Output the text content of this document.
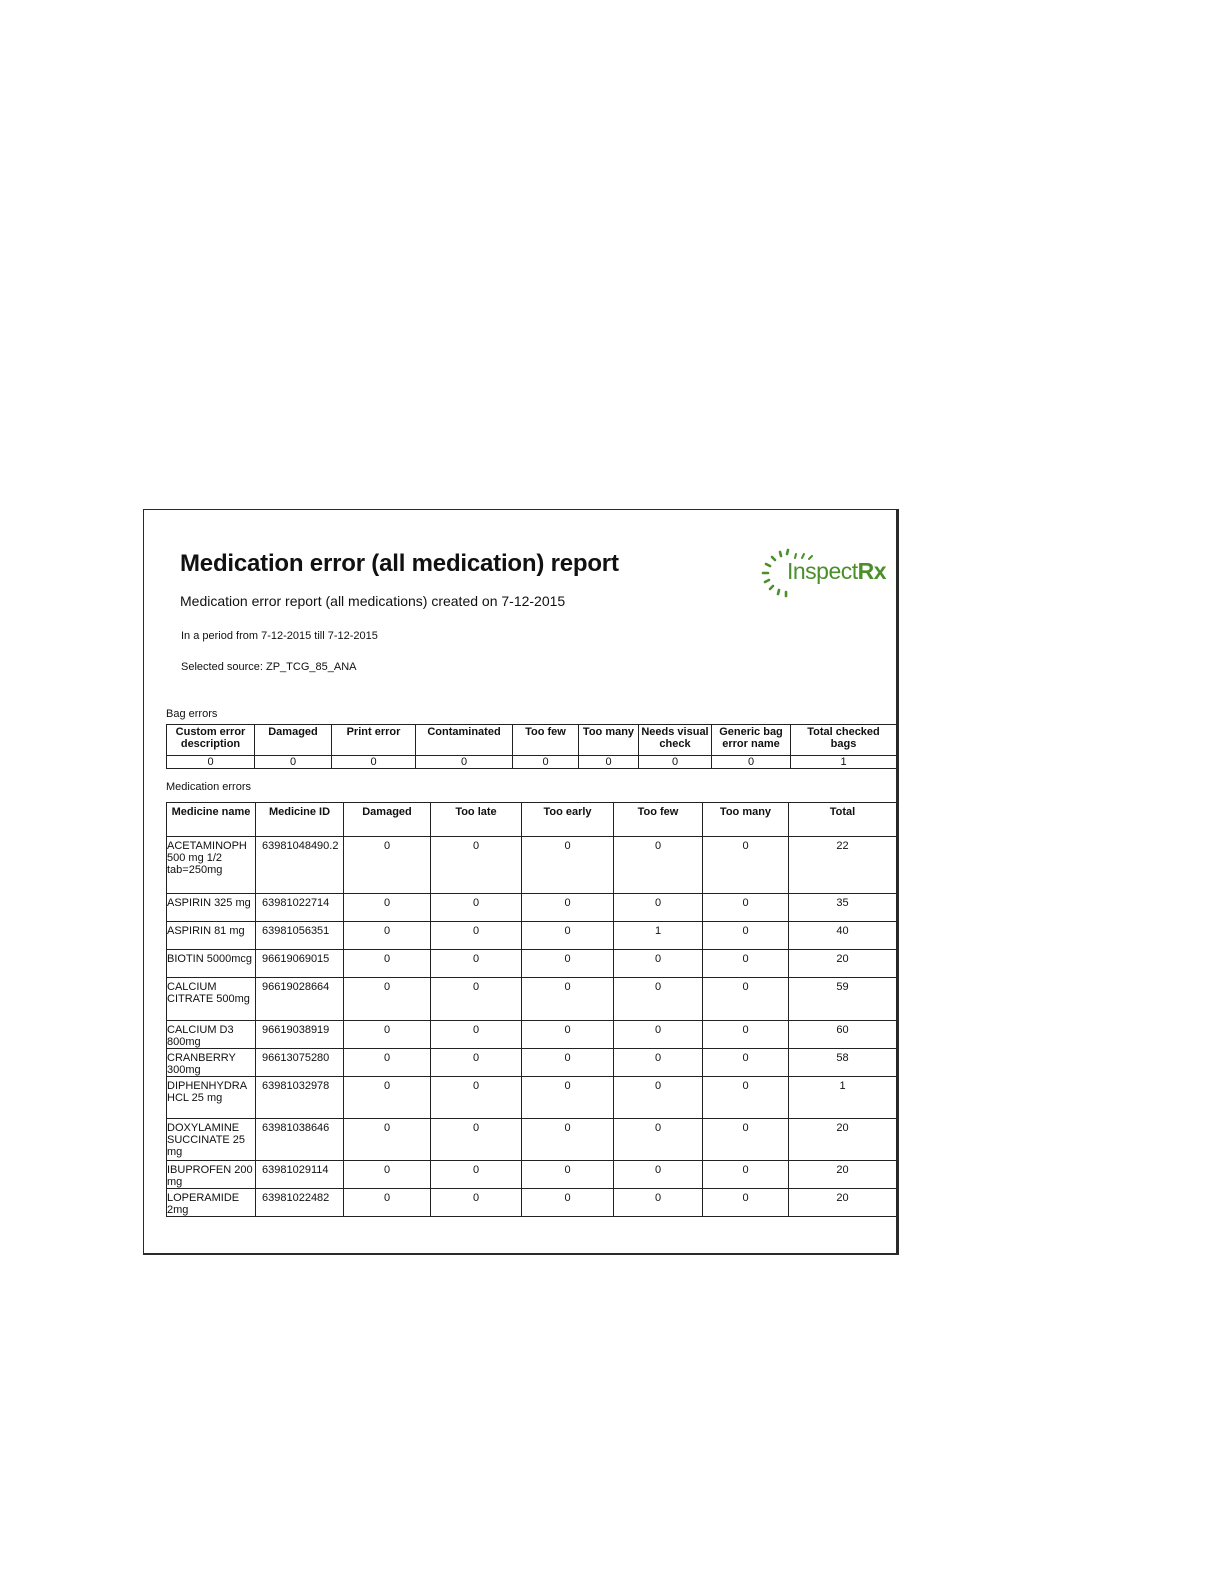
Medication error (all medication) report
Medication error report (all medications) created on 7-12-2015
In a period from 7-12-2015 till 7-12-2015
Selected source: ZP_TCG_85_ANA
InspectRx
Bag errors
Custom error description	Damaged	Print error	Contaminated	Too few	Too many	Needs visual check	Generic bag error name	Total checked bags
0	0	0	0	0	0	0	0	1
Medication errors
Medicine name	Medicine ID	Damaged	Too late	Too early	Too few	Too many	Total
ACETAMINOPH 500 mg 1/2 tab=250mg	63981048490.2	0	0	0	0	0	22
ASPIRIN 325 mg	63981022714	0	0	0	0	0	35
ASPIRIN 81 mg	63981056351	0	0	0	1	0	40
BIOTIN 5000mcg	96619069015	0	0	0	0	0	20
CALCIUM CITRATE 500mg	96619028664	0	0	0	0	0	59
CALCIUM D3 800mg	96619038919	0	0	0	0	0	60
CRANBERRY 300mg	96613075280	0	0	0	0	0	58
DIPHENHYDRA HCL 25 mg	63981032978	0	0	0	0	0	1
DOXYLAMINE SUCCINATE 25 mg	63981038646	0	0	0	0	0	20
IBUPROFEN 200 mg	63981029114	0	0	0	0	0	20
LOPERAMIDE 2mg	63981022482	0	0	0	0	0	20
